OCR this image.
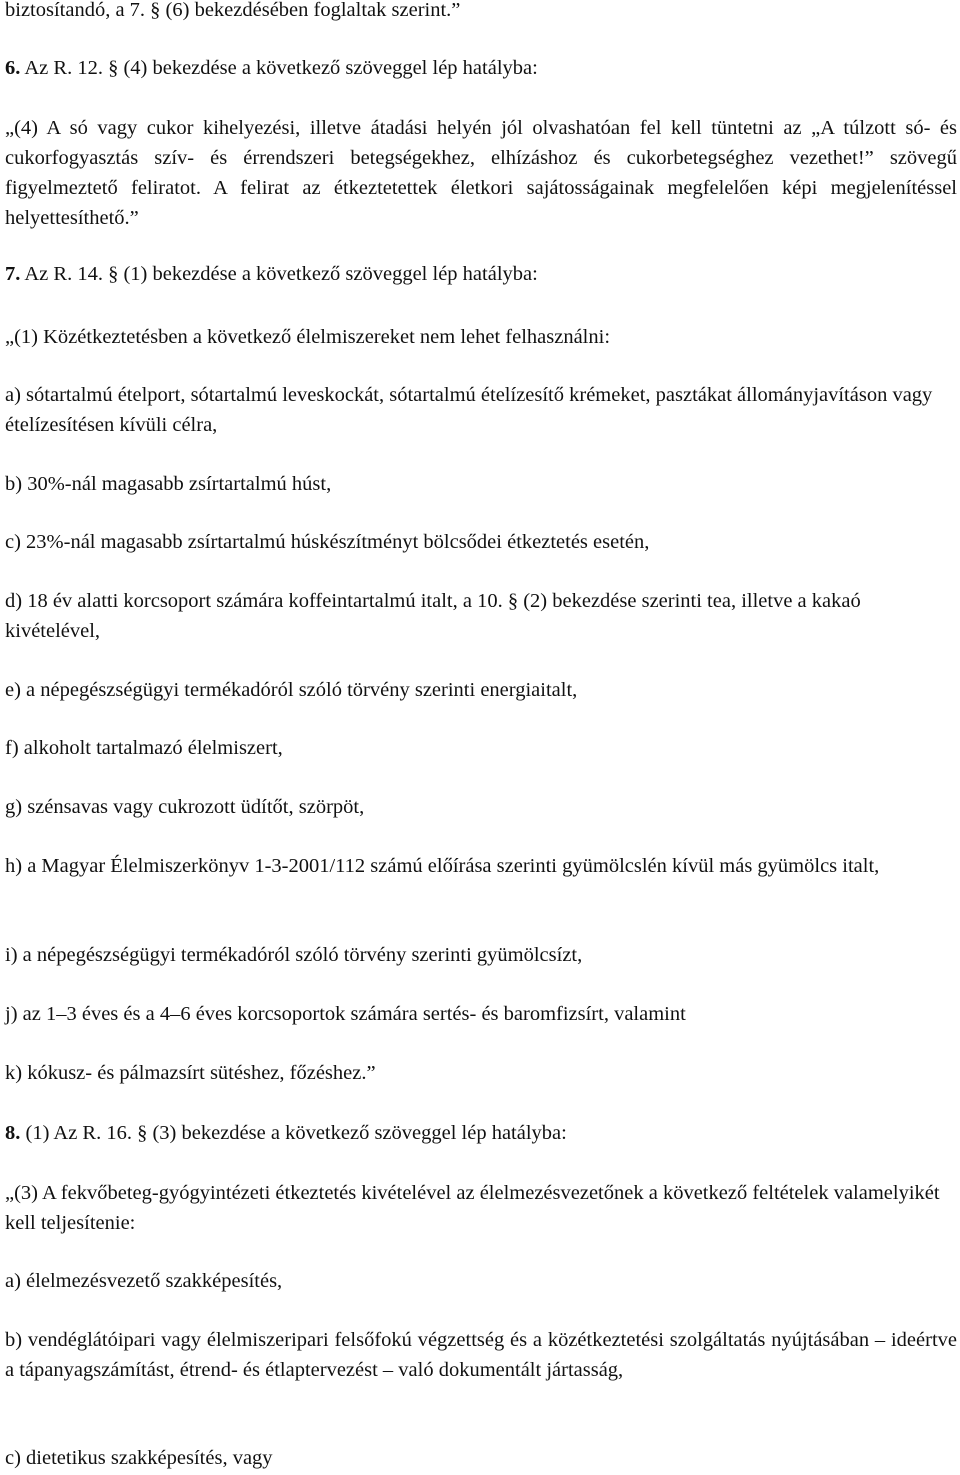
biztosítandó, a 7. § (6) bekezdésében foglaltak szerint.”

6. Az R. 12. § (4) bekezdése a következő szöveggel lép hatályba:

„(4) A só vagy cukor kihelyezési, illetve átadási helyén jól olvashatóan fel kell tüntetni az „A túlzott só- és cukorfogyasztás szív- és érrendszeri betegségekhez, elhízáshoz és cukorbetegséghez vezethet!” szövegű figyelmeztető feliratot. A felirat az étkeztetettek életkori sajátosságainak megfelelően képi megjelenítéssel helyettesíthető.”

7. Az R. 14. § (1) bekezdése a következő szöveggel lép hatályba:

„(1) Közétkeztetésben a következő élelmiszereket nem lehet felhasználni:

a) sótartalmú ételport, sótartalmú leveskockát, sótartalmú ételízesítő krémeket, pasztákat állományjavításon vagy ételízesítésen kívüli célra,

b) 30%-nál magasabb zsírtartalmú húst,

c) 23%-nál magasabb zsírtartalmú húskészítményt bölcsődei étkeztetés esetén,

d) 18 év alatti korcsoport számára koffeintartalmú italt, a 10. § (2) bekezdése szerinti tea, illetve a kakaó kivételével,

e) a népegészségügyi termékadóról szóló törvény szerinti energiaitalt,

f) alkoholt tartalmazó élelmiszert,

g) szénsavas vagy cukrozott üdítőt, szörpöt,

h) a Magyar Élelmiszerkönyv 1-3-2001/112 számú előírása szerinti gyümölcslén kívül más gyümölcs italt,

i) a népegészségügyi termékadóról szóló törvény szerinti gyümölcsízt,

j) az 1–3 éves és a 4–6 éves korcsoportok számára sertés- és baromfizsírt, valamint

k) kókusz- és pálmazsírt sütéshez, főzéshez.”

8. (1) Az R. 16. § (3) bekezdése a következő szöveggel lép hatályba:

„(3) A fekvőbeteg-gyógyintézeti étkeztetés kivételével az élelmezésvezetőnek a következő feltételek valamelyikét kell teljesítenie:

a) élelmezésvezető szakképesítés,

b) vendéglátóipari vagy élelmiszeripari felsőfokú végzettség és a közétkeztetési szolgáltatás nyújtásában – ideértve a tápanyagszámítást, étrend- és étlaptervezést – való dokumentált jártasság,

c) dietetikus szakképesítés, vagy
